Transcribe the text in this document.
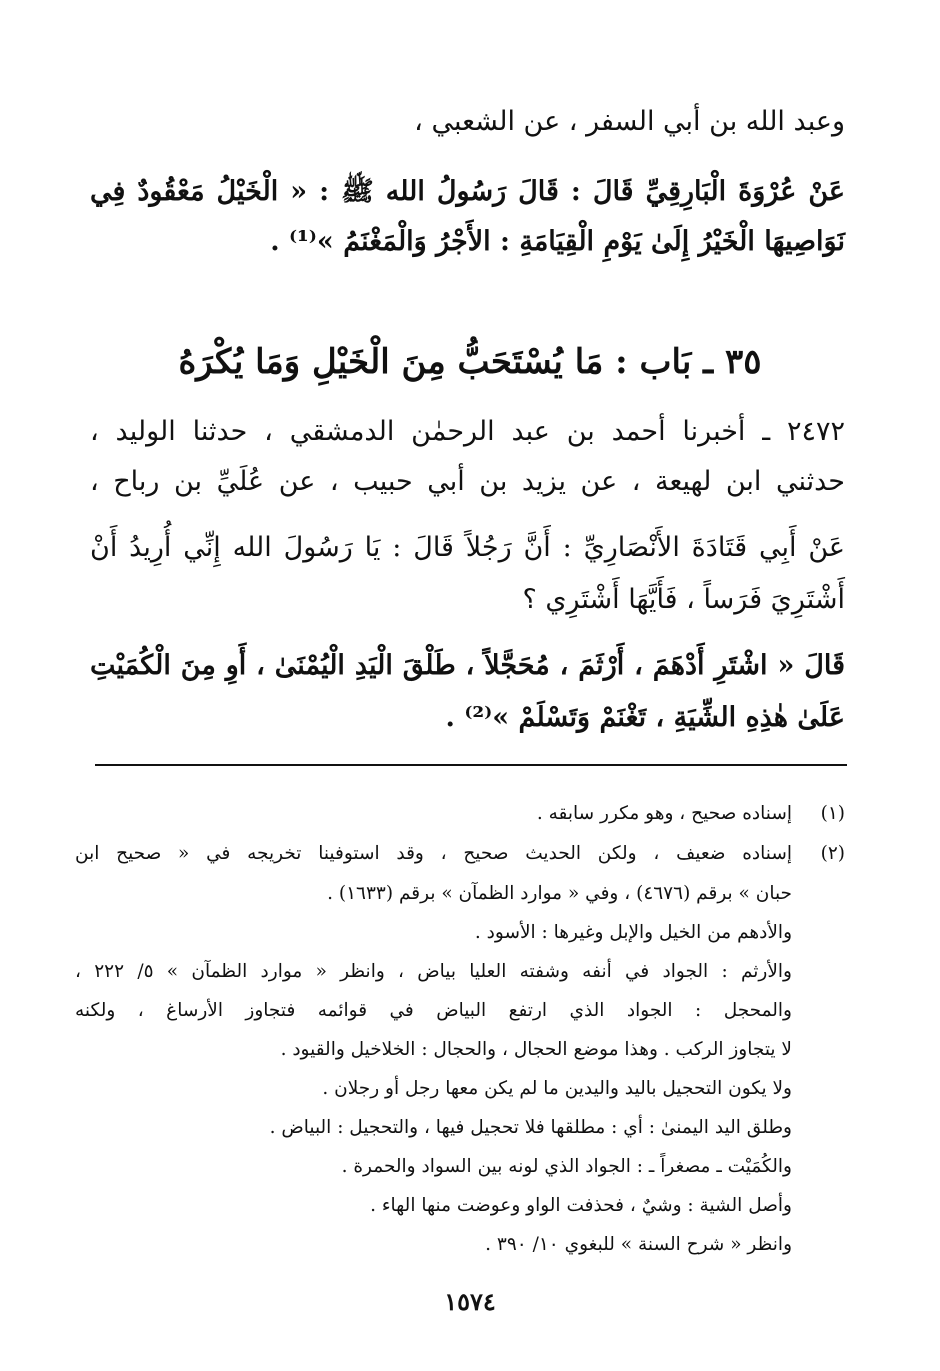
وعبد الله بن أبي السفر ، عن الشعبي ،
عَنْ عُرْوَةَ الْبَارِقِيِّ قَالَ : قَالَ رَسُولُ الله ﷺ : « الْخَيْلُ مَعْقُودٌ فِي
نَوَاصِيهَا الْخَيْرُ إِلَىٰ يَوْمِ الْقِيَامَةِ : الأَجْرُ وَالْمَغْنَمُ »⁽¹⁾ .
٣٥ ـ بَاب : مَا يُسْتَحَبُّ مِنَ الْخَيْلِ وَمَا يُكْرَهُ
٢٤٧٢ ـ أخبرنا أحمد بن عبد الرحمٰن الدمشقي ، حدثنا الوليد ،
حدثني ابن لهيعة ، عن يزيد بن أبي حبيب ، عن عُلَيِّ بن رباح ،
عَنْ أَبِي قَتَادَةَ الأَنْصَارِيِّ : أَنَّ رَجُلاً قَالَ : يَا رَسُولَ الله إِنِّي أُرِيدُ أَنْ
أَشْتَرِيَ فَرَساً ، فَأَيَّهَا أَشْتَرِي ؟
قَالَ « اشْتَرِ أَدْهَمَ ، أَرْثَمَ ، مُحَجَّلاً ، طَلْقَ الْيَدِ الْيُمْنَىٰ ، أَوِ مِنَ الْكُمَيْتِ
عَلَىٰ هٰذِهِ الشِّيَةِ ، تَغْنَمْ وَتَسْلَمْ »⁽²⁾ .
(١)
إسناده صحيح ، وهو مكرر سابقه .
(٢)
إسناده ضعيف ، ولكن الحديث صحيح ، وقد استوفينا تخريجه في « صحيح ابن
حبان » برقم (٤٦٧٦) ، وفي « موارد الظمآن » برقم (١٦٣٣) .
والأدهم من الخيل والإبل وغيرها : الأسود .
والأرثم : الجواد في أنفه وشفته العليا بياض ، وانظر « موارد الظمآن » ٥/ ٢٢٢ ،
والمحجل : الجواد الذي ارتفع البياض في قوائمه فتجاوز الأرساغ ، ولكنه
لا يتجاوز الركب . وهذا موضع الحجال ، والحجال : الخلاخيل والقيود .
ولا يكون التحجيل باليد واليدين ما لم يكن معها رجل أو رجلان .
وطلق اليد اليمنىٰ : أي : مطلقها فلا تحجيل فيها ، والتحجيل : البياض .
والكُمَيْت ـ مصغراً ـ : الجواد الذي لونه بين السواد والحمرة .
وأصل الشية : وشيٌ ، فحذفت الواو وعوضت منها الهاء .
وانظر « شرح السنة » للبغوي ١٠/ ٣٩٠ .
١٥٧٤
